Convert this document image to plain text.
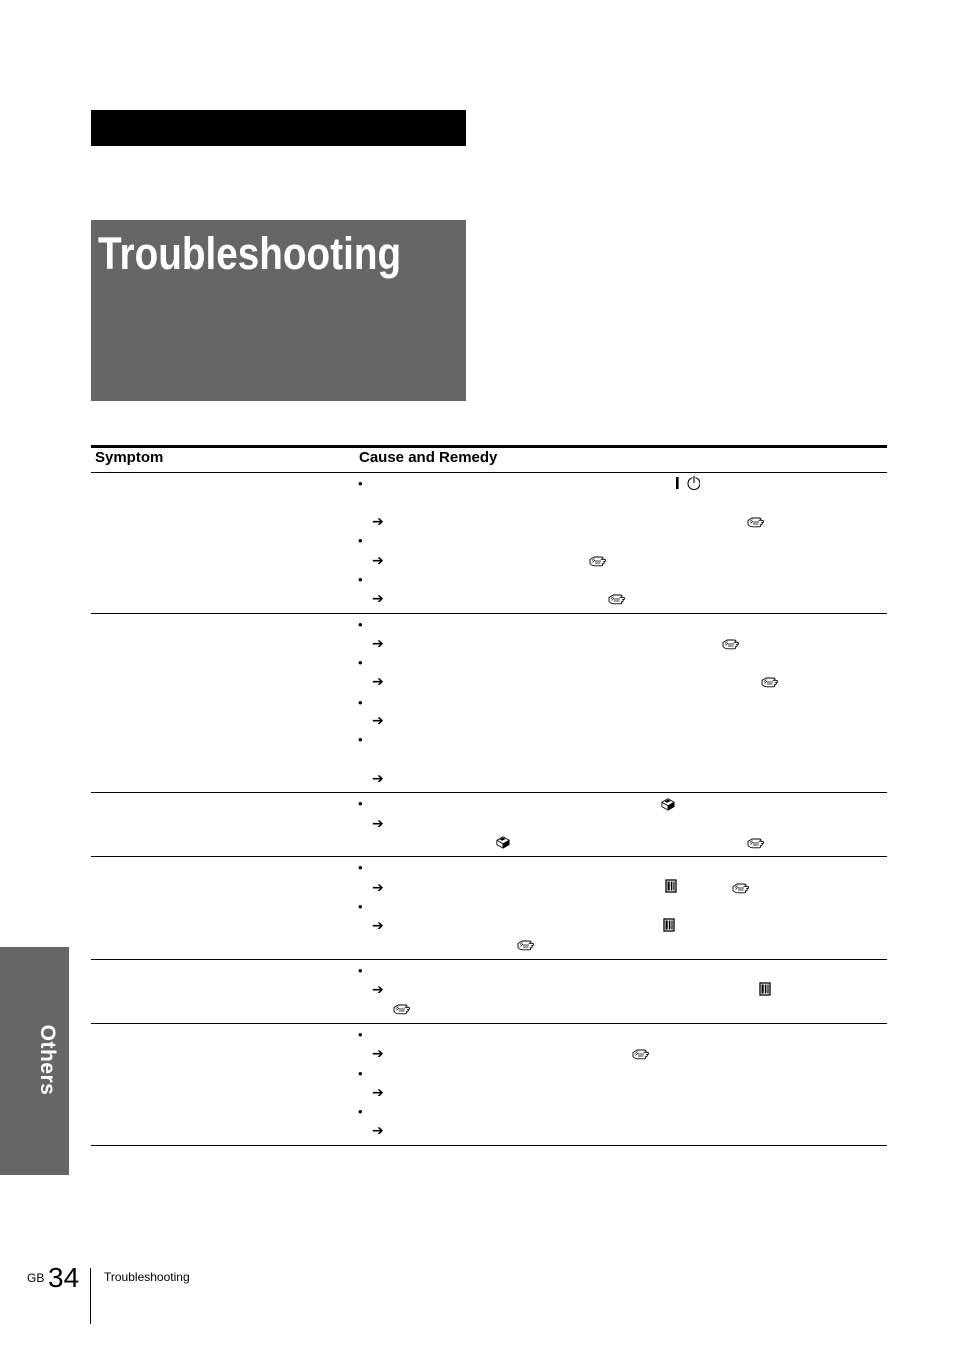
Troubleshooting
Symptom	Cause and Remedy
•
➔
•
➔
•
➔
•
➔
•
➔
•
➔
•
➔
•
➔
•
➔
•
➔
•
➔
•
➔
•
➔
•
➔
Others
GB 34 Troubleshooting
